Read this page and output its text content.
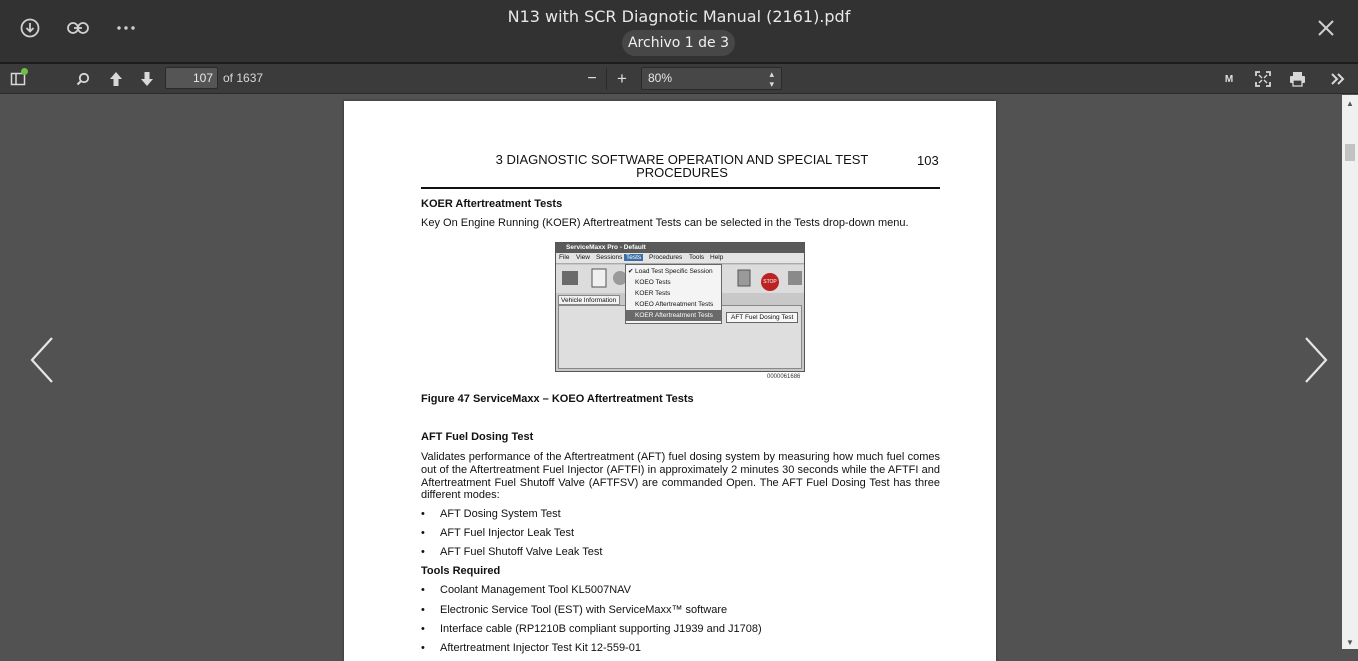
N13 with SCR Diagnotic Manual (2161).pdf
Archivo 1 de 3
107
of 1637	−	+	80%	▴
▾	M
▲
▼
3 DIAGNOSTIC SOFTWARE OPERATION AND SPECIAL TEST PROCEDURES
103
KOER Aftertreatment Tests
Key On Engine Running (KOER) Aftertreatment Tests can be selected in the Tests drop-down menu.
ServiceMaxx Pro - Default
File View Sessions Tests	Procedures Tools Help
STOP
Vehicle Information
✔ Load Test Specific Session
KOEO Tests
KOER Tests
KOEO Aftertreatment Tests
KOER Aftertreatment Tests	AFT Fuel Dosing Test
0000061686
Figure 47 ServiceMaxx – KOEO Aftertreatment Tests
AFT Fuel Dosing Test
Validates performance of the Aftertreatment (AFT) fuel dosing system by measuring how much fuel comes out of the Aftertreatment Fuel Injector (AFTFI) in approximately 2 minutes 30 seconds while the AFTFI and Aftertreatment Fuel Shutoff Valve (AFTFSV) are commanded Open. The AFT Fuel Dosing Test has three different modes:
• AFT Dosing System Test
• AFT Fuel Injector Leak Test
• AFT Fuel Shutoff Valve Leak Test
Tools Required
• Coolant Management Tool KL5007NAV
• Electronic Service Tool (EST) with ServiceMaxx™ software
• Interface cable (RP1210B compliant supporting J1939 and J1708)
• Aftertreatment Injector Test Kit 12-559-01
